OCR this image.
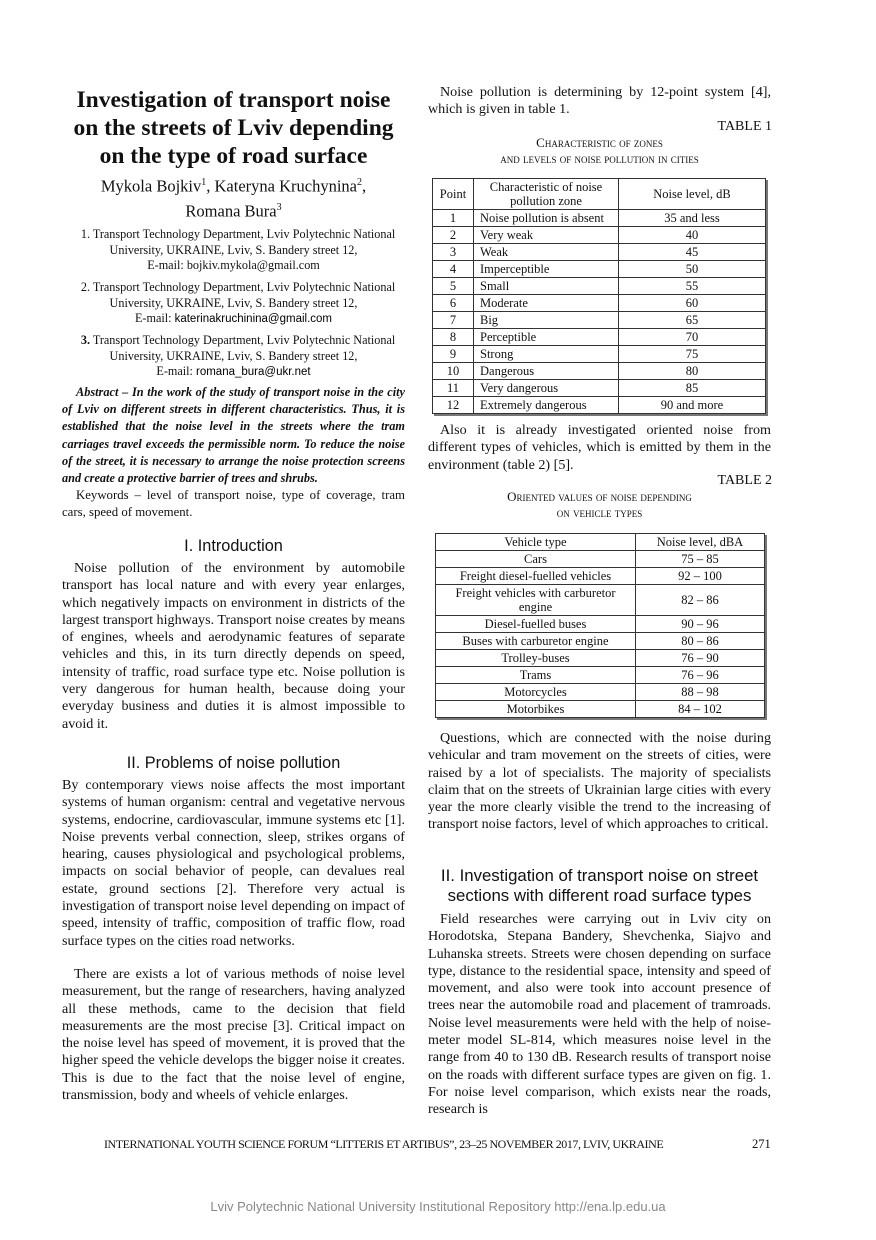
Investigation of transport noise on the streets of Lviv depending on the type of road surface
Mykola Bojkiv$^1$, Kateryna Kruchynina$^2$,
Romana Bura$^3$
1. Transport Technology Department, Lviv Polytechnic National University, UKRAINE, Lviv, S. Bandery street 12,
E-mail: bojkiv.mykola@gmail.com
2. Transport Technology Department, Lviv Polytechnic National University, UKRAINE, Lviv, S. Bandery street 12,
E-mail: katerinakruchinina@gmail.com
3. Transport Technology Department, Lviv Polytechnic National University, UKRAINE, Lviv, S. Bandery street 12,
E-mail: romana_bura@ukr.net
Abstract – In the work of the study of transport noise in the city of Lviv on different streets in different characteristics. Thus, it is established that the noise level in the streets where the tram carriages travel exceeds the permissible norm. To reduce the noise of the street, it is necessary to arrange the noise protection screens and create a protective barrier of trees and shrubs.
Keywords – level of transport noise, type of coverage, tram cars, speed of movement.
I. Introduction
Noise pollution of the environment by automobile transport has local nature and with every year enlarges, which negatively impacts on environment in districts of the largest transport highways. Transport noise creates by means of engines, wheels and aerodynamic features of separate vehicles and this, in its turn directly depends on speed, intensity of traffic, road surface type etc. Noise pollution is very dangerous for human health, because doing your everyday business and duties it is almost impossible to avoid it.
II. Problems of noise pollution
By contemporary views noise affects the most important systems of human organism: central and vegetative nervous systems, endocrine, cardiovascular, immune systems etc [1]. Noise prevents verbal connection, sleep, strikes organs of hearing, causes physiological and psychological problems, impacts on social behavior of people, can devalues real estate, ground sections [2]. Therefore very actual is investigation of transport noise level depending on impact of speed, intensity of traffic, composition of traffic flow, road surface types on the cities road networks.
There are exists a lot of various methods of noise level measurement, but the range of researchers, having analyzed all these methods, came to the decision that field measurements are the most precise [3]. Critical impact on the noise level has speed of movement, it is proved that the higher speed the vehicle develops the bigger noise it creates. This is due to the fact that the noise level of engine, transmission, body and wheels of vehicle enlarges.
Noise pollution is determining by 12-point system [4], which is given in table 1.
TABLE 1
Characteristic of zones
and levels of noise pollution in cities
Point	Characteristic of noise pollution zone	Noise level, dB
1	Noise pollution is absent	35 and less
2	Very weak	40
3	Weak	45
4	Imperceptible	50
5	Small	55
6	Moderate	60
7	Big	65
8	Perceptible	70
9	Strong	75
10	Dangerous	80
11	Very dangerous	85
12	Extremely dangerous	90 and more
Also it is already investigated oriented noise from different types of vehicles, which is emitted by them in the environment (table 2) [5].
TABLE 2
Oriented values of noise depending
on vehicle types
Vehicle type	Noise level, dBA
Cars	75 – 85
Freight diesel-fuelled vehicles	92 – 100
Freight vehicles with carburetor engine	82 – 86
Diesel-fuelled buses	90 – 96
Buses with carburetor engine	80 – 86
Trolley-buses	76 – 90
Trams	76 – 96
Motorcycles	88 – 98
Motorbikes	84 – 102
Questions, which are connected with the noise during vehicular and tram movement on the streets of cities, were raised by a lot of specialists. The majority of specialists claim that on the streets of Ukrainian large cities with every year the more clearly visible the trend to the increasing of transport noise factors, level of which approaches to critical.
II. Investigation of transport noise on street sections with different road surface types
Field researches were carrying out in Lviv city on Horodotska, Stepana Bandery, Shevchenka, Siajvo and Luhanska streets. Streets were chosen depending on surface type, distance to the residential space, intensity and speed of movement, and also were took into account presence of trees near the automobile road and placement of tramroads. Noise level measurements were held with the help of noise-meter model SL-814, which measures noise level in the range from 40 to 130 dB. Research results of transport noise on the roads with different surface types are given on fig. 1. For noise level comparison, which exists near the roads, research is
INTERNATIONAL YOUTH SCIENCE FORUM “LITTERIS ET ARTIBUS”, 23–25 NOVEMBER 2017, LVIV, UKRAINE	271
Lviv Polytechnic National University Institutional Repository http://ena.lp.edu.ua
